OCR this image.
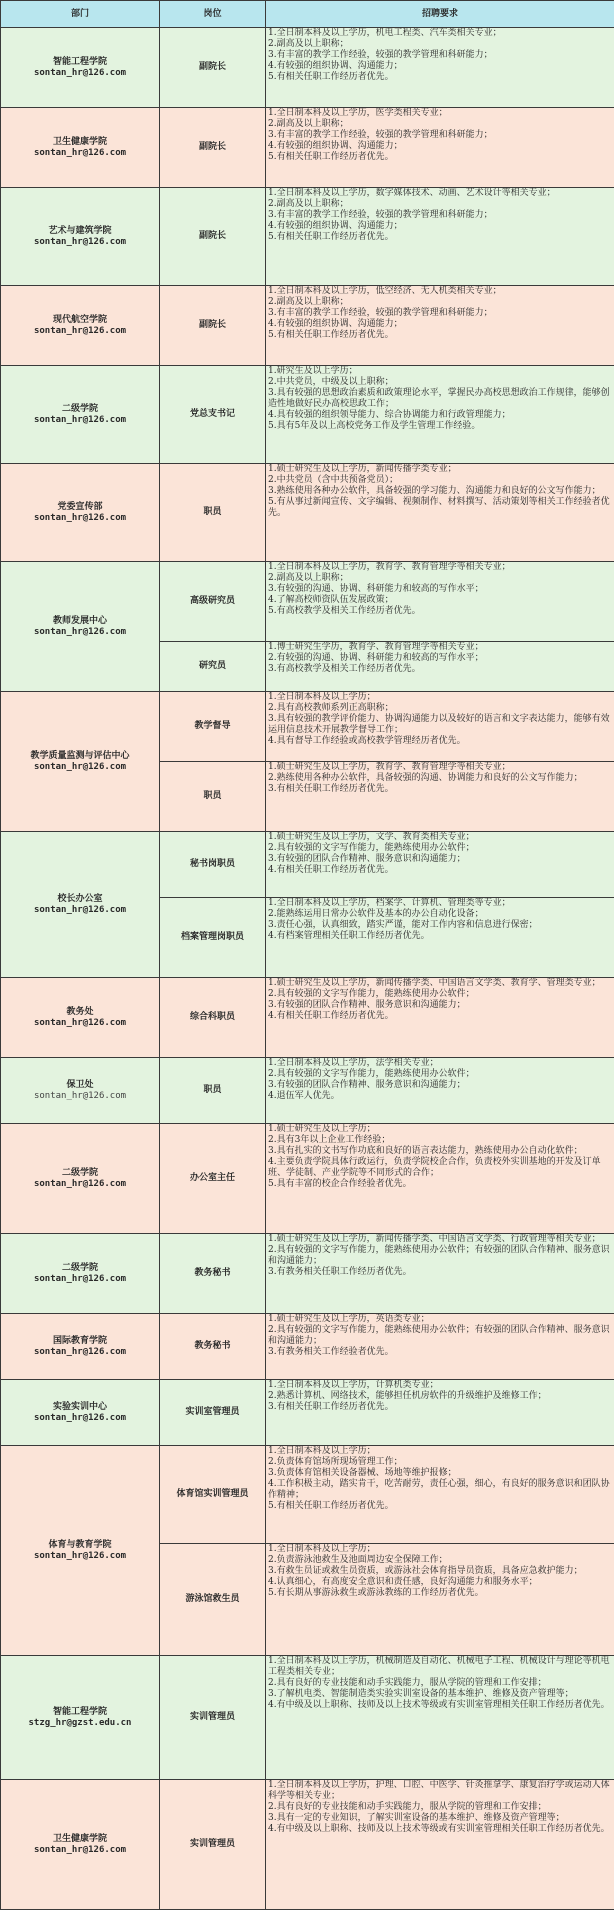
部门	岗位	招聘要求

智能工程学院
sontan_hr@126.com	副院长	1.全日制本科及以上学历，机电工程类、汽车类相关专业；
2.副高及以上职称；
3.有丰富的教学工作经验，较强的教学管理和科研能力；
4.有较强的组织协调、沟通能力；
5.有相关任职工作经历者优先。

卫生健康学院
sontan_hr@126.com	副院长	1.全日制本科及以上学历，医学类相关专业；
2.副高及以上职称；
3.有丰富的教学工作经验，较强的教学管理和科研能力；
4.有较强的组织协调、沟通能力；
5.有相关任职工作经历者优先。

艺术与建筑学院
sontan_hr@126.com	副院长	1.全日制本科及以上学历，数字媒体技术、动画、艺术设计等相关专业；
2.副高及以上职称；
3.有丰富的教学工作经验，较强的教学管理和科研能力；
4.有较强的组织协调、沟通能力；
5.有相关任职工作经历者优先。

现代航空学院
sontan_hr@126.com	副院长	1.全日制本科及以上学历，低空经济、无人机类相关专业；
2.副高及以上职称；
3.有丰富的教学工作经验，较强的教学管理和科研能力；
4.有较强的组织协调、沟通能力；
5.有相关任职工作经历者优先。

二级学院
sontan_hr@126.com	党总支书记	1.研究生及以上学历；
2.中共党员，中级及以上职称；
3.具有较强的思想政治素质和政策理论水平，掌握民办高校思想政治工作规律，能够创造性地做好民办高校思政工作；
4.具有较强的组织领导能力、综合协调能力和行政管理能力；
5.具有5年及以上高校党务工作及学生管理工作经验。

党委宣传部
sontan_hr@126.com	职员	1.硕士研究生及以上学历，新闻传播学类专业；
2.中共党员（含中共预备党员）；
3.熟练使用各种办公软件，具备较强的学习能力、沟通能力和良好的公文写作能力；
5.有从事过新闻宣传、文字编辑、视频制作、材料撰写、活动策划等相关工作经验者优先。

教师发展中心
sontan_hr@126.com	高级研究员	1.全日制本科及以上学历，教育学、教育管理学等相关专业；
2.副高及以上职称；
3.有较强的沟通、协调、科研能力和较高的写作水平；
4.了解高校师资队伍发展政策；
5.有高校教学及相关工作经历者优先。

	研究员	1.博士研究生学历，教育学、教育管理学等相关专业；
2.有较强的沟通、协调、科研能力和较高的写作水平；
3.有高校教学及相关工作经历者优先。

教学质量监测与评估中心
sontan_hr@126.com	教学督导	1.全日制本科及以上学历；
2.具有高校教师系列正高职称；
3.具有较强的教学评价能力、协调沟通能力以及较好的语言和文字表达能力，能够有效运用信息技术开展教学督导工作；
4.具有督导工作经验或高校教学管理经历者优先。

	职员	1.硕士研究生及以上学历，教育学、教育管理学等相关专业；
2.熟练使用各种办公软件，具备较强的沟通、协调能力和良好的公文写作能力；
3.有相关任职工作经历者优先。

校长办公室
sontan_hr@126.com	秘书岗职员	1.硕士研究生及以上学历，文学、教育类相关专业；
2.具有较强的文字写作能力，能熟练使用办公软件；
3.有较强的团队合作精神、服务意识和沟通能力；
4.有相关任职工作经历者优先。

	档案管理岗职员	1.全日制本科及以上学历，档案学、计算机、管理类等专业；
2.能熟练运用日常办公软件及基本的办公自动化设备；
3.责任心强，认真细致，踏实严谨，能对工作内容和信息进行保密；
4.有档案管理相关任职工作经历者优先。

教务处
sontan_hr@126.com	综合科职员	1.硕士研究生及以上学历，新闻传播学类、中国语言文学类、教育学、管理类专业；
2.具有较强的文字写作能力，能熟练使用办公软件；
3.有较强的团队合作精神、服务意识和沟通能力；
4.有相关任职工作经历者优先。

保卫处
sontan_hr@126.com	职员	1.全日制本科及以上学历，法学相关专业；
2.具有较强的文字写作能力，能熟练使用办公软件；
3.有较强的团队合作精神、服务意识和沟通能力；
4.退伍军人优先。

二级学院
sontan_hr@126.com	办公室主任	1.硕士研究生及以上学历；
2.具有3年以上企业工作经验；
3.具有扎实的文书写作功底和良好的语言表达能力，熟练使用办公自动化软件；
4.主要负责学院具体行政运行，负责学院校企合作，负责校外实训基地的开发及订单班、学徒制、产业学院等不同形式的合作；
5.具有丰富的校企合作经验者优先。

二级学院
sontan_hr@126.com	教务秘书	1.硕士研究生及以上学历，新闻传播学类、中国语言文学类、行政管理等相关专业；
2.具有较强的文字写作能力，能熟练使用办公软件；有较强的团队合作精神、服务意识和沟通能力；
3.有教务相关任职工作经历者优先。

国际教育学院
sontan_hr@126.com	教务秘书	1.硕士研究生及以上学历，英语类专业；
2.具有较强的文字写作能力，能熟练使用办公软件；有较强的团队合作精神、服务意识和沟通能力；
3.有教务相关工作经验者优先。

实验实训中心
sontan_hr@126.com	实训室管理员	1.全日制本科及以上学历，计算机类专业；
2.熟悉计算机、网络技术，能够担任机房软件的升级维护及维修工作；
3.有相关任职工作经历者优先。

体育与教育学院
sontan_hr@126.com	体育馆实训管理员	1.全日制本科及以上学历；
2.负责体育馆场所现场管理工作；
3.负责体育馆相关设备器械、场地等维护报修；
4.工作积极主动，踏实肯干，吃苦耐劳，责任心强，细心，有良好的服务意识和团队协作精神；
5.有相关任职工作经历者优先。

	游泳馆救生员	1.全日制本科及以上学历；
2.负责游泳池救生及池面周边安全保障工作；
3.有救生员证或救生员资质，或游泳社会体育指导员资质，具备应急救护能力；
4.认真细心，有高度安全意识和责任感，良好沟通能力和服务水平；
5.有长期从事游泳救生或游泳教练的工作经历者优先。

智能工程学院
stzg_hr@gzst.edu.cn	实训管理员	1.全日制本科及以上学历，机械制造及自动化、机械电子工程、机械设计与理论等机电工程类相关专业；
2.具有良好的专业技能和动手实践能力，服从学院的管理和工作安排；
3.了解机电类、智能制造类实验实训室设备的基本维护、维修及资产管理等；
4.有中级及以上职称、技师及以上技术等级或有实训室管理相关任职工作经历者优先。

卫生健康学院
sontan_hr@126.com	实训管理员	1.全日制本科及以上学历，护理、口腔、中医学、针灸推拿学、康复治疗学或运动人体科学等相关专业；
2.具有良好的专业技能和动手实践能力，服从学院的管理和工作安排；
3.具有一定的专业知识，了解实训室设备的基本维护、维修及资产管理等；
4.有中级及以上职称、技师及以上技术等级或有实训室管理相关任职工作经历者优先。
